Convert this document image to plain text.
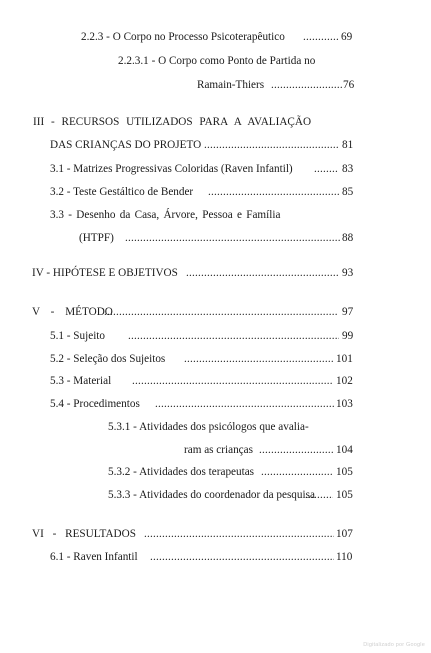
2.2.3 - O Corpo no Processo Psicoterapêutico .....	69
2.2.3.1 - O Corpo como Ponto de Partida no
Ramain-Thiers .....	76
III - RECURSOS UTILIZADOS PARA A AVALIAÇÃO
DAS CRIANÇAS DO PROJETO .....	81
3.1 - Matrizes Progressivas Coloridas (Raven Infantil) .....	83
3.2 - Teste Gestáltico de Bender .....	85
3.3 - Desenho da Casa, Árvore, Pessoa e Família
(HTPF) .....	88
IV - HIPÓTESE E OBJETIVOS .....	93
V - MÉTODO .....	97
5.1 - Sujeito .....	99
5.2 - Seleção dos Sujeitos .....	101
5.3 - Material .....	102
5.4 - Procedimentos .....	103
5.3.1 - Atividades dos psicólogos que avalia-
ram as crianças .....	104
5.3.2 - Atividades dos terapeutas .....	105
5.3.3 - Atividades do coordenador da pesquisa ..... 105
VI - RESULTADOS .....	107
6.1 - Raven Infantil .....	110
Digitalizado por Google
